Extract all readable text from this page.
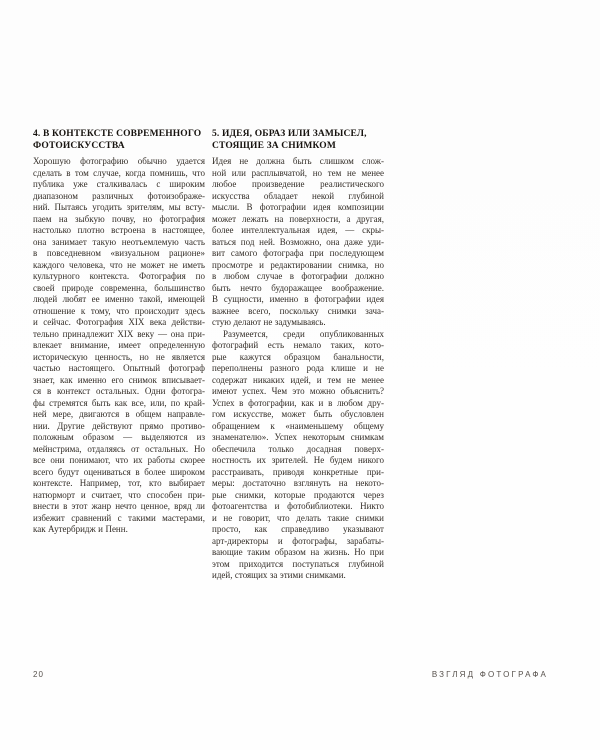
4. В КОНТЕКСТЕ СОВРЕМЕННОГО
ФОТОИСКУССТВА
Хорошую фотографию обычно удается
сделать в том случае, когда помнишь, что
публика уже сталкивалась с широким
диапазоном различных фотоизображе-
ний. Пытаясь угодить зрителям, мы всту-
паем на зыбкую почву, но фотография
настолько плотно встроена в настоящее,
она занимает такую неотъемлемую часть
в повседневном «визуальном рационе»
каждого человека, что не может не иметь
культурного контекста. Фотография по
своей природе современна, большинство
людей любят ее именно такой, имеющей
отношение к тому, что происходит здесь
и сейчас. Фотография XIX века действи-
тельно принадлежит XIX веку — она при-
влекает внимание, имеет определенную
историческую ценность, но не является
частью настоящего. Опытный фотограф
знает, как именно его снимок вписывает-
ся в контекст остальных. Одни фотогра-
фы стремятся быть как все, или, по край-
ней мере, двигаются в общем направле-
нии. Другие действуют прямо противо-
положным образом — выделяются из
мейнстрима, отдаляясь от остальных. Но
все они понимают, что их работы скорее
всего будут оцениваться в более широком
контексте. Например, тот, кто выбирает
натюрморт и считает, что способен при-
внести в этот жанр нечто ценное, вряд ли
избежит сравнений с такими мастерами,
как Аутербридж и Пенн.
5. ИДЕЯ, ОБРАЗ ИЛИ ЗАМЫСЕЛ,
СТОЯЩИЕ ЗА СНИМКОМ
Идея не должна быть слишком слож-
ной или расплывчатой, но тем не менее
любое произведение реалистического
искусства обладает некой глубиной
мысли. В фотографии идея композиции
может лежать на поверхности, а другая,
более интеллектуальная идея, — скры-
ваться под ней. Возможно, она даже уди-
вит самого фотографа при последующем
просмотре и редактировании снимка, но
в любом случае в фотографии должно
быть нечто будоражащее воображение.
В сущности, именно в фотографии идея
важнее всего, поскольку снимки зача-
стую делают не задумываясь.
Разумеется, среди опубликованных
фотографий есть немало таких, кото-
рые кажутся образцом банальности,
переполнены разного рода клише и не
содержат никаких идей, и тем не менее
имеют успех. Чем это можно объяснить?
Успех в фотографии, как и в любом дру-
гом искусстве, может быть обусловлен
обращением к «наименьшему общему
знаменателю». Успех некоторым снимкам
обеспечила только досадная поверх-
ностность их зрителей. Не будем никого
расстраивать, приводя конкретные при-
меры: достаточно взглянуть на некото-
рые снимки, которые продаются через
фотоагентства и фотобиблиотеки. Никто
и не говорит, что делать такие снимки
просто, как справедливо указывают
арт-директоры и фотографы, зарабаты-
вающие таким образом на жизнь. Но при
этом приходится поступаться глубиной
идей, стоящих за этими снимками.
20	ВЗГЛЯД ФОТОГРАФА
